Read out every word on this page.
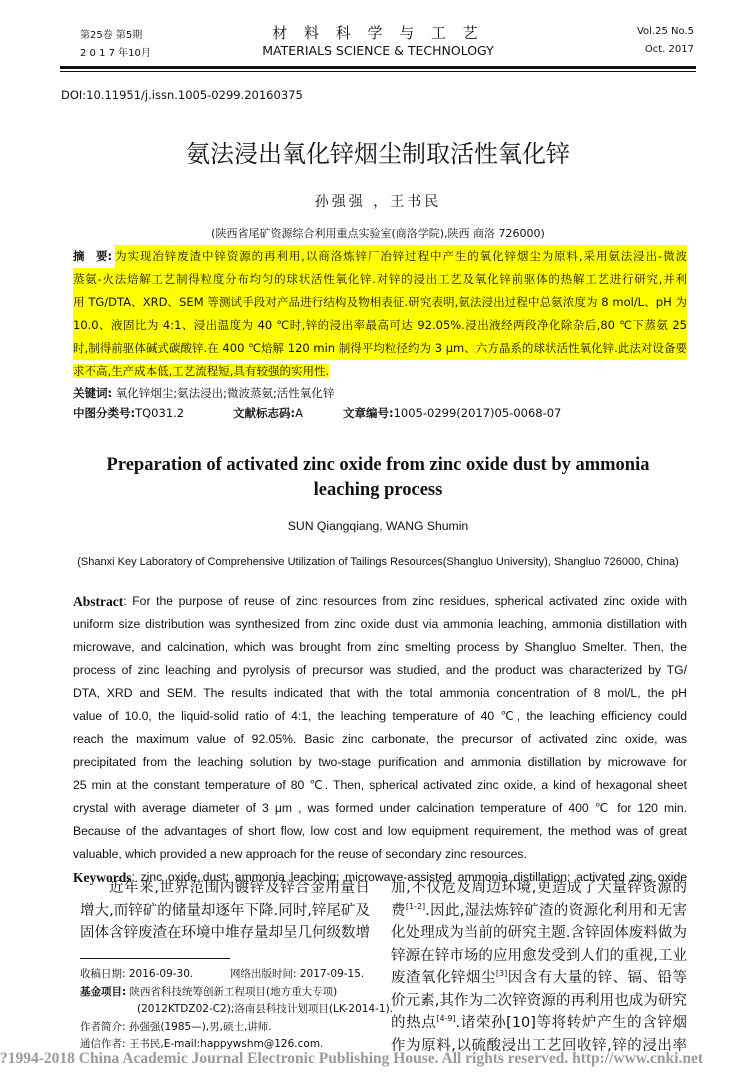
第25卷 第5期
2 0 1 7 年10月
材 料 科 学 与 工 艺
MATERIALS SCIENCE & TECHNOLOGY
Vol.25 No.5
Oct. 2017
DOI:10.11951/j.issn.1005-0299.20160375
氨法浸出氧化锌烟尘制取活性氧化锌
孙强强 ，王书民
(陕西省尾矿资源综合利用重点实验室(商洛学院),陕西 商洛 726000)
摘　要: 为实现冶锌废渣中锌资源的再利用,以商洛炼锌厂冶锌过程中产生的氧化锌烟尘为原料,采用氨法浸出-微波
蒸氨-火法焙解工艺制得粒度分布均匀的球状活性氧化锌.对锌的浸出工艺及氧化锌前驱体的热解工艺进行研究,并利
用 TG/DTA、XRD、SEM 等测试手段对产品进行结构及物相表征.研究表明,氨法浸出过程中总氨浓度为 8 mol/L、pH 为
10.0、液固比为 4:1、浸出温度为 40 ℃时,锌的浸出率最高可达 92.05%.浸出液经两段净化除杂后,80 ℃下蒸氨 25
时,制得前驱体碱式碳酸锌.在 400 ℃焙解 120 min 制得平均粒径约为 3 μm、六方晶系的球状活性氧化锌.此法对设备要
求不高,生产成本低,工艺流程短,具有较强的实用性.
关键词: 氧化锌烟尘;氨法浸出;微波蒸氨;活性氧化锌
中图分类号:TQ031.2	文献标志码:A	文章编号:1005-0299(2017)05-0068-07
Preparation of activated zinc oxide from zinc oxide dust by ammonia
leaching process
SUN Qiangqiang, WANG Shumin
(Shanxi Key Laboratory of Comprehensive Utilization of Tailings Resources(Shangluo University), Shangluo 726000, China)
Abstract : For the purpose of reuse of zinc resources from zinc residues, spherical activated zinc oxide with
uniform size distribution was synthesized from zinc oxide dust via ammonia leaching, ammonia distillation with
microwave, and calcination, which was brought from zinc smelting process by Shangluo Smelter. Then, the
process of zinc leaching and pyrolysis of precursor was studied, and the product was characterized by TG/
DTA, XRD and SEM. The results indicated that with the total ammonia concentration of 8 mol/L, the pH
value of 10.0, the liquid-solid ratio of 4:1, the leaching temperature of 40 ℃, the leaching efficiency could
reach the maximum value of 92.05%. Basic zinc carbonate, the precursor of activated zinc oxide, was
precipitated from the leaching solution by two-stage purification and ammonia distillation by microwave for
25 min at the constant temperature of 80 ℃. Then, spherical activated zinc oxide, a kind of hexagonal sheet
crystal with average diameter of 3 μm , was formed under calcination temperature of 400 ℃ for 120 min.
Because of the advantages of short flow, low cost and low equipment requirement, the method was of great
valuable, which provided a new approach for the reuse of secondary zinc resources.
Keywords : zinc oxide dust; ammonia leaching; microwave-assisted ammonia distillation; activated zinc oxide
近年来,世界范围内镀锌及锌合金用量日
增大,而锌矿的储量却逐年下降.同时,锌尾矿及
固体含锌废渣在环境中堆存量却呈几何级数增
收稿日期: 2016-09-30.	网络出版时间: 2017-09-15.
基金项目: 陕西省科技统筹创新工程项目(地方重大专项)
(2012KTDZ02-C2);洛南县科技计划项目(LK-2014-1).
作者简介: 孙强强(1985—),男,硕士,讲师.
通信作者: 王书民,E-mail:happywshm@126.com.
加,不仅危及周边环境,更造成了大量锌资源的
费[1-2].因此,湿法炼锌矿渣的资源化利用和无害
化处理成为当前的研究主题.含锌固体废料做为
锌源在锌市场的应用愈发受到人们的重视,工业
废渣氧化锌烟尘[3]因含有大量的锌、镉、铅等
价元素,其作为二次锌资源的再利用也成为研究
的热点[4-9].诸荣孙[10]等将转炉产生的含锌烟
作为原料,以硫酸浸出工艺回收锌,锌的浸出率
?1994-2018 China Academic Journal Electronic Publishing House. All rights reserved. http://www.cnki.net
